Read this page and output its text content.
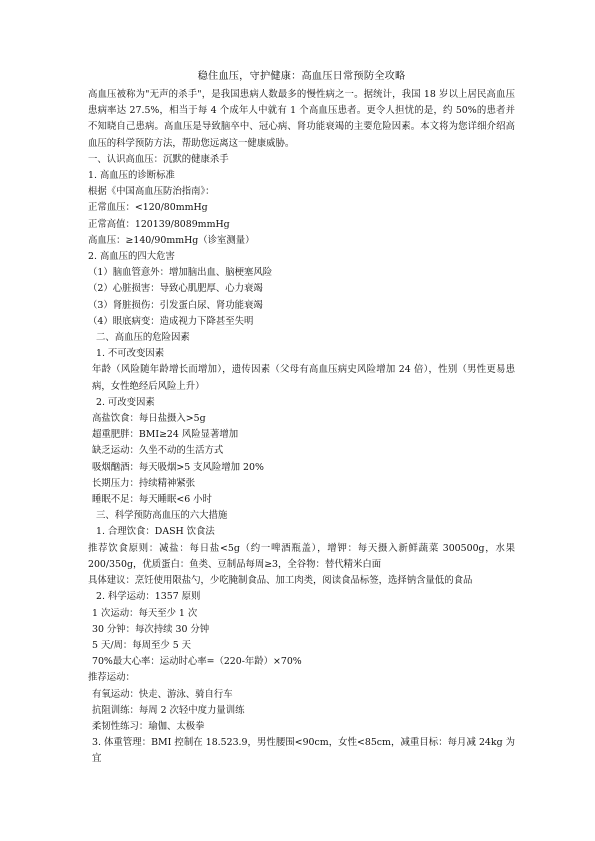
稳住血压，守护健康：高血压日常预防全攻略
高血压被称为"无声的杀手"，是我国患病人数最多的慢性病之一。据统计，我国 18 岁以上居民高血压患病率达 27.5%，相当于每 4 个成年人中就有 1 个高血压患者。更令人担忧的是，约 50%的患者并不知晓自己患病。高血压是导致脑卒中、冠心病、肾功能衰竭的主要危险因素。本文将为您详细介绍高血压的科学预防方法，帮助您远离这一健康威胁。
一、认识高血压：沉默的健康杀手
1. 高血压的诊断标准
根据《中国高血压防治指南》：
正常血压：<120/80mmHg
正常高值：120139/8089mmHg
高血压：≥140/90mmHg（诊室测量）
2. 高血压的四大危害
（1）脑血管意外：增加脑出血、脑梗塞风险
（2）心脏损害：导致心肌肥厚、心力衰竭
（3）肾脏损伤：引发蛋白尿、肾功能衰竭
（4）眼底病变：造成视力下降甚至失明
二、高血压的危险因素
1. 不可改变因素
年龄（风险随年龄增长而增加），遗传因素（父母有高血压病史风险增加 24 倍），性别（男性更易患病，女性绝经后风险上升）
2. 可改变因素
高盐饮食：每日盐摄入>5g
超重肥胖：BMI≥24 风险显著增加
缺乏运动：久坐不动的生活方式
吸烟酗酒：每天吸烟>5 支风险增加 20%
长期压力：持续精神紧张
睡眠不足：每天睡眠<6 小时
三、科学预防高血压的六大措施
1. 合理饮食：DASH 饮食法
推荐饮食原则：减盐：每日盐<5g（约一啤酒瓶盖），增钾：每天摄入新鲜蔬菜 300500g，水果 200/350g，优质蛋白：鱼类、豆制品每周≥3，全谷物：替代精米白面
具体建议：烹饪使用限盐勺，少吃腌制食品、加工肉类，阅读食品标签，选择钠含量低的食品
2. 科学运动：1357 原则
1 次运动：每天至少 1 次
30 分钟：每次持续 30 分钟
5 天/周：每周至少 5 天
70%最大心率：运动时心率=（220-年龄）×70%
推荐运动：
有氧运动：快走、游泳、骑自行车
抗阻训练：每周 2 次轻中度力量训练
柔韧性练习：瑜伽、太极拳
3. 体重管理：BMI 控制在 18.523.9，男性腰围<90cm，女性<85cm，减重目标：每月减 24kg 为宜
